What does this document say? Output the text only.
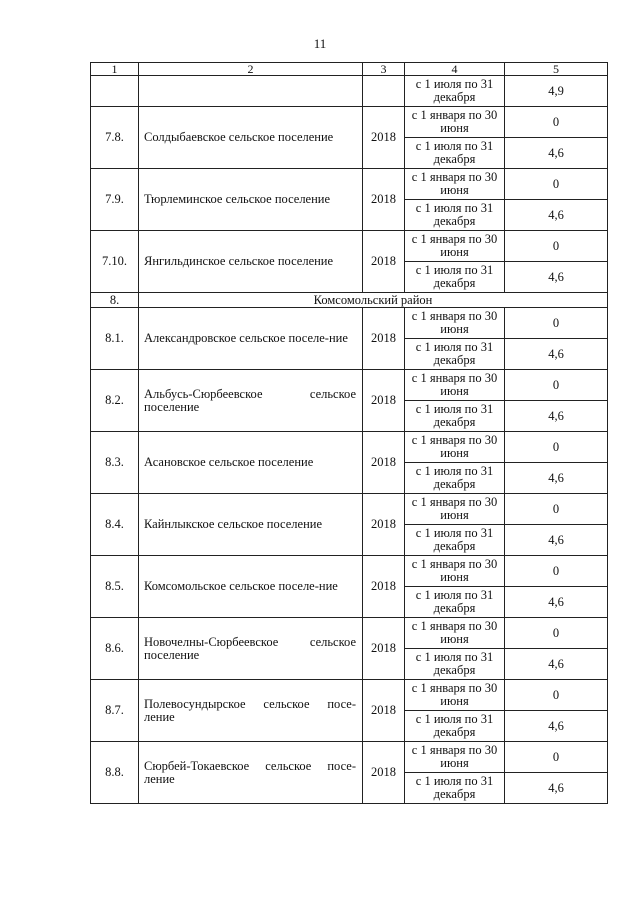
11
1	2	3	4	5
			с 1 июля по 31 декабря	4,9
7.8.	Солдыбаевское сельское поселение	2018	с 1 января по 30 июня	0
			с 1 июля по 31 декабря	4,6
7.9.	Тюрлеминское сельское поселение	2018	с 1 января по 30 июня	0
			с 1 июля по 31 декабря	4,6
7.10.	Янгильдинское сельское поселение	2018	с 1 января по 30 июня	0
			с 1 июля по 31 декабря	4,6
8.	Комсомольский район			
8.1.	Александровское сельское поселе-ние	2018	с 1 января по 30 июня	0
			с 1 июля по 31 декабря	4,6
8.2.	Альбусь-Сюрбеевское сельское поселение	2018	с 1 января по 30 июня	0
			с 1 июля по 31 декабря	4,6
8.3.	Асановское сельское поселение	2018	с 1 января по 30 июня	0
			с 1 июля по 31 декабря	4,6
8.4.	Кайнлыкское сельское поселение	2018	с 1 января по 30 июня	0
			с 1 июля по 31 декабря	4,6
8.5.	Комсомольское сельское поселе-ние	2018	с 1 января по 30 июня	0
			с 1 июля по 31 декабря	4,6
8.6.	Новочелны-Сюрбеевское сельское поселение	2018	с 1 января по 30 июня	0
			с 1 июля по 31 декабря	4,6
8.7.	Полевосундырское сельское посе-ление	2018	с 1 января по 30 июня	0
			с 1 июля по 31 декабря	4,6
8.8.	Сюрбей-Токаевское сельское посе-ление	2018	с 1 января по 30 июня	0
			с 1 июля по 31 декабря	4,6
